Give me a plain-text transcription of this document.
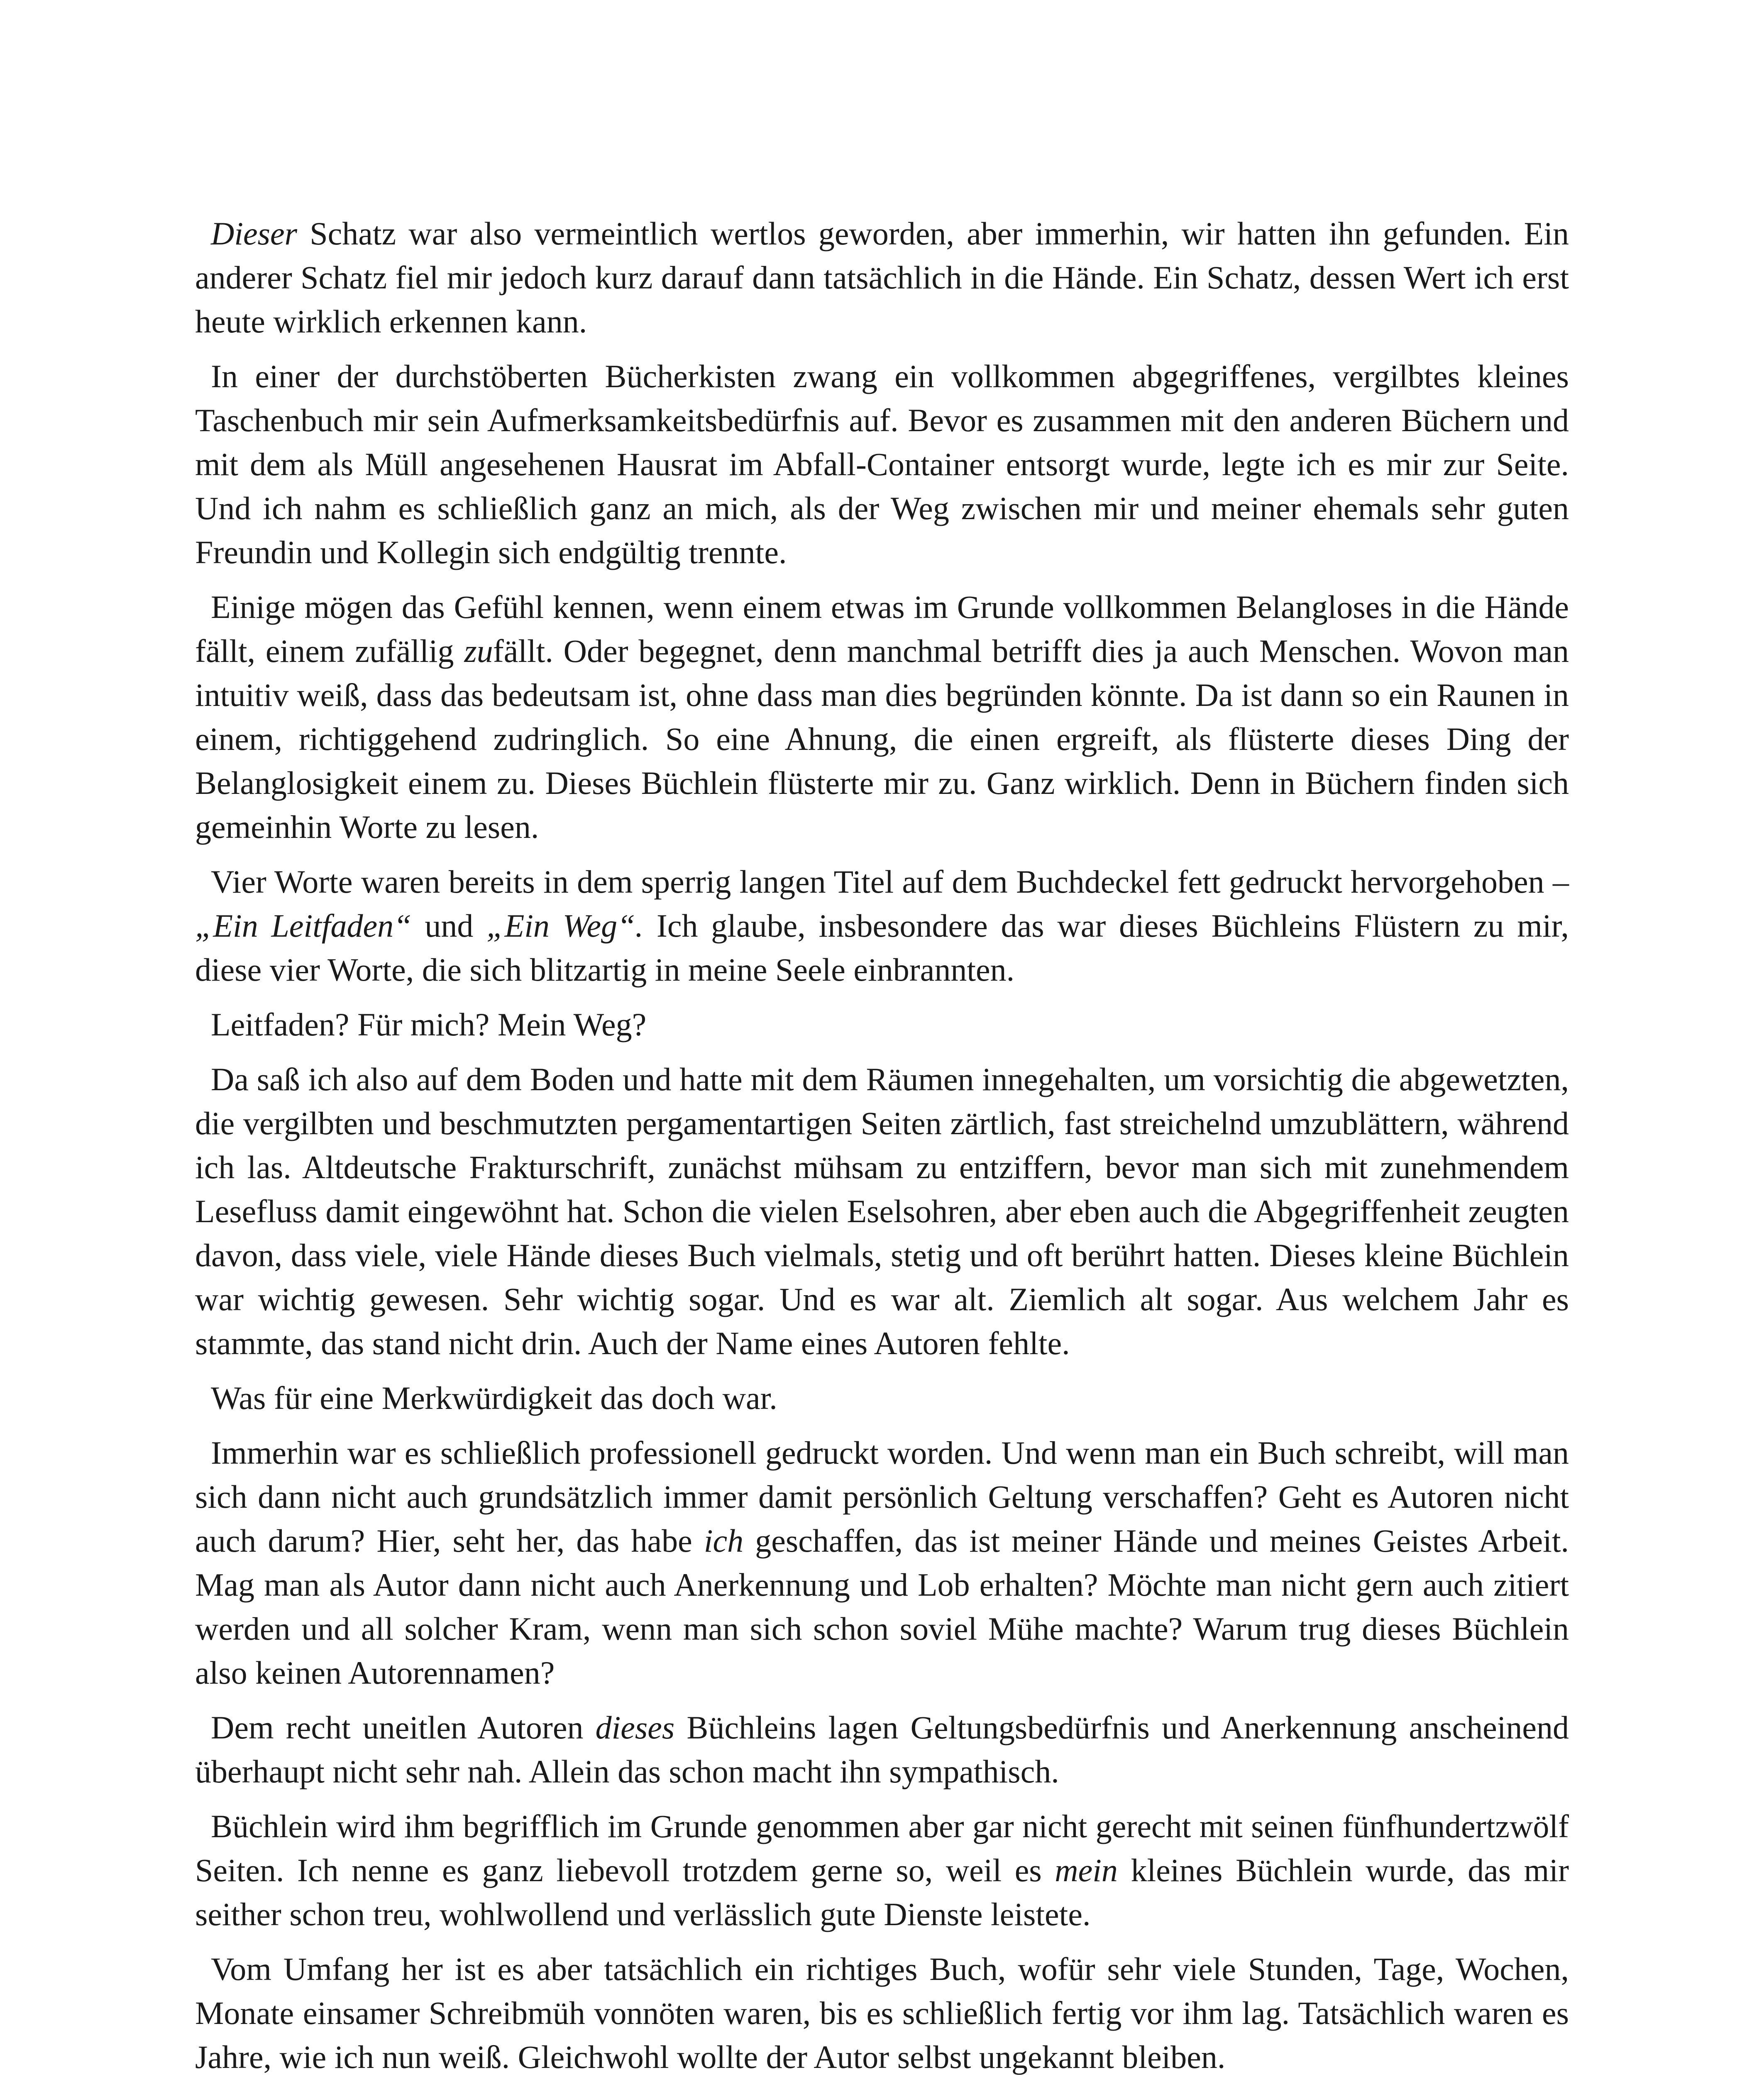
Dieser Schatz war also vermeintlich wertlos geworden, aber immerhin, wir hatten ihn gefunden. Ein anderer Schatz fiel mir jedoch kurz darauf dann tatsächlich in die Hände. Ein Schatz, dessen Wert ich erst heute wirklich erkennen kann.

In einer der durchstöberten Bücherkisten zwang ein vollkommen abgegriffenes, vergilbtes kleines Taschenbuch mir sein Aufmerksamkeitsbedürfnis auf. Bevor es zusammen mit den anderen Büchern und mit dem als Müll angesehenen Hausrat im Abfall-Container entsorgt wurde, legte ich es mir zur Seite. Und ich nahm es schließlich ganz an mich, als der Weg zwischen mir und meiner ehemals sehr guten Freundin und Kollegin sich endgültig trennte.

Einige mögen das Gefühl kennen, wenn einem etwas im Grunde vollkommen Belangloses in die Hände fällt, einem zufällig zufällt. Oder begegnet, denn manchmal betrifft dies ja auch Menschen. Wovon man intuitiv weiß, dass das bedeutsam ist, ohne dass man dies begründen könnte. Da ist dann so ein Raunen in einem, richtiggehend zudringlich. So eine Ahnung, die einen ergreift, als flüsterte dieses Ding der Belanglosigkeit einem zu. Dieses Büchlein flüsterte mir zu. Ganz wirklich. Denn in Büchern finden sich gemeinhin Worte zu lesen.

Vier Worte waren bereits in dem sperrig langen Titel auf dem Buchdeckel fett gedruckt hervorgehoben – „Ein Leitfaden“ und „Ein Weg“. Ich glaube, insbesondere das war dieses Büchleins Flüstern zu mir, diese vier Worte, die sich blitzartig in meine Seele einbrannten.

Leitfaden? Für mich? Mein Weg?

Da saß ich also auf dem Boden und hatte mit dem Räumen innegehalten, um vorsichtig die abgewetzten, die vergilbten und beschmutzten pergamentartigen Seiten zärtlich, fast streichelnd umzublättern, während ich las. Altdeutsche Frakturschrift, zunächst mühsam zu entziffern, bevor man sich mit zunehmendem Lesefluss damit eingewöhnt hat. Schon die vielen Eselsohren, aber eben auch die Abgegriffenheit zeugten davon, dass viele, viele Hände dieses Buch vielmals, stetig und oft berührt hatten. Dieses kleine Büchlein war wichtig gewesen. Sehr wichtig sogar. Und es war alt. Ziemlich alt sogar. Aus welchem Jahr es stammte, das stand nicht drin. Auch der Name eines Autoren fehlte.

Was für eine Merkwürdigkeit das doch war.

Immerhin war es schließlich professionell gedruckt worden. Und wenn man ein Buch schreibt, will man sich dann nicht auch grundsätzlich immer damit persönlich Geltung verschaffen? Geht es Autoren nicht auch darum? Hier, seht her, das habe ich geschaffen, das ist meiner Hände und meines Geistes Arbeit. Mag man als Autor dann nicht auch Anerkennung und Lob erhalten? Möchte man nicht gern auch zitiert werden und all solcher Kram, wenn man sich schon soviel Mühe machte? Warum trug dieses Büchlein also keinen Autorennamen?

Dem recht uneitlen Autoren dieses Büchleins lagen Geltungsbedürfnis und Anerkennung anscheinend überhaupt nicht sehr nah. Allein das schon macht ihn sympathisch.

Büchlein wird ihm begrifflich im Grunde genommen aber gar nicht gerecht mit seinen fünfhundertzwölf Seiten. Ich nenne es ganz liebevoll trotzdem gerne so, weil es mein kleines Büchlein wurde, das mir seither schon treu, wohlwollend und verlässlich gute Dienste leistete.

Vom Umfang her ist es aber tatsächlich ein richtiges Buch, wofür sehr viele Stunden, Tage, Wochen, Monate einsamer Schreibmüh vonnöten waren, bis es schließlich fertig vor ihm lag. Tatsächlich waren es Jahre, wie ich nun weiß. Gleichwohl wollte der Autor selbst ungekannt bleiben.
